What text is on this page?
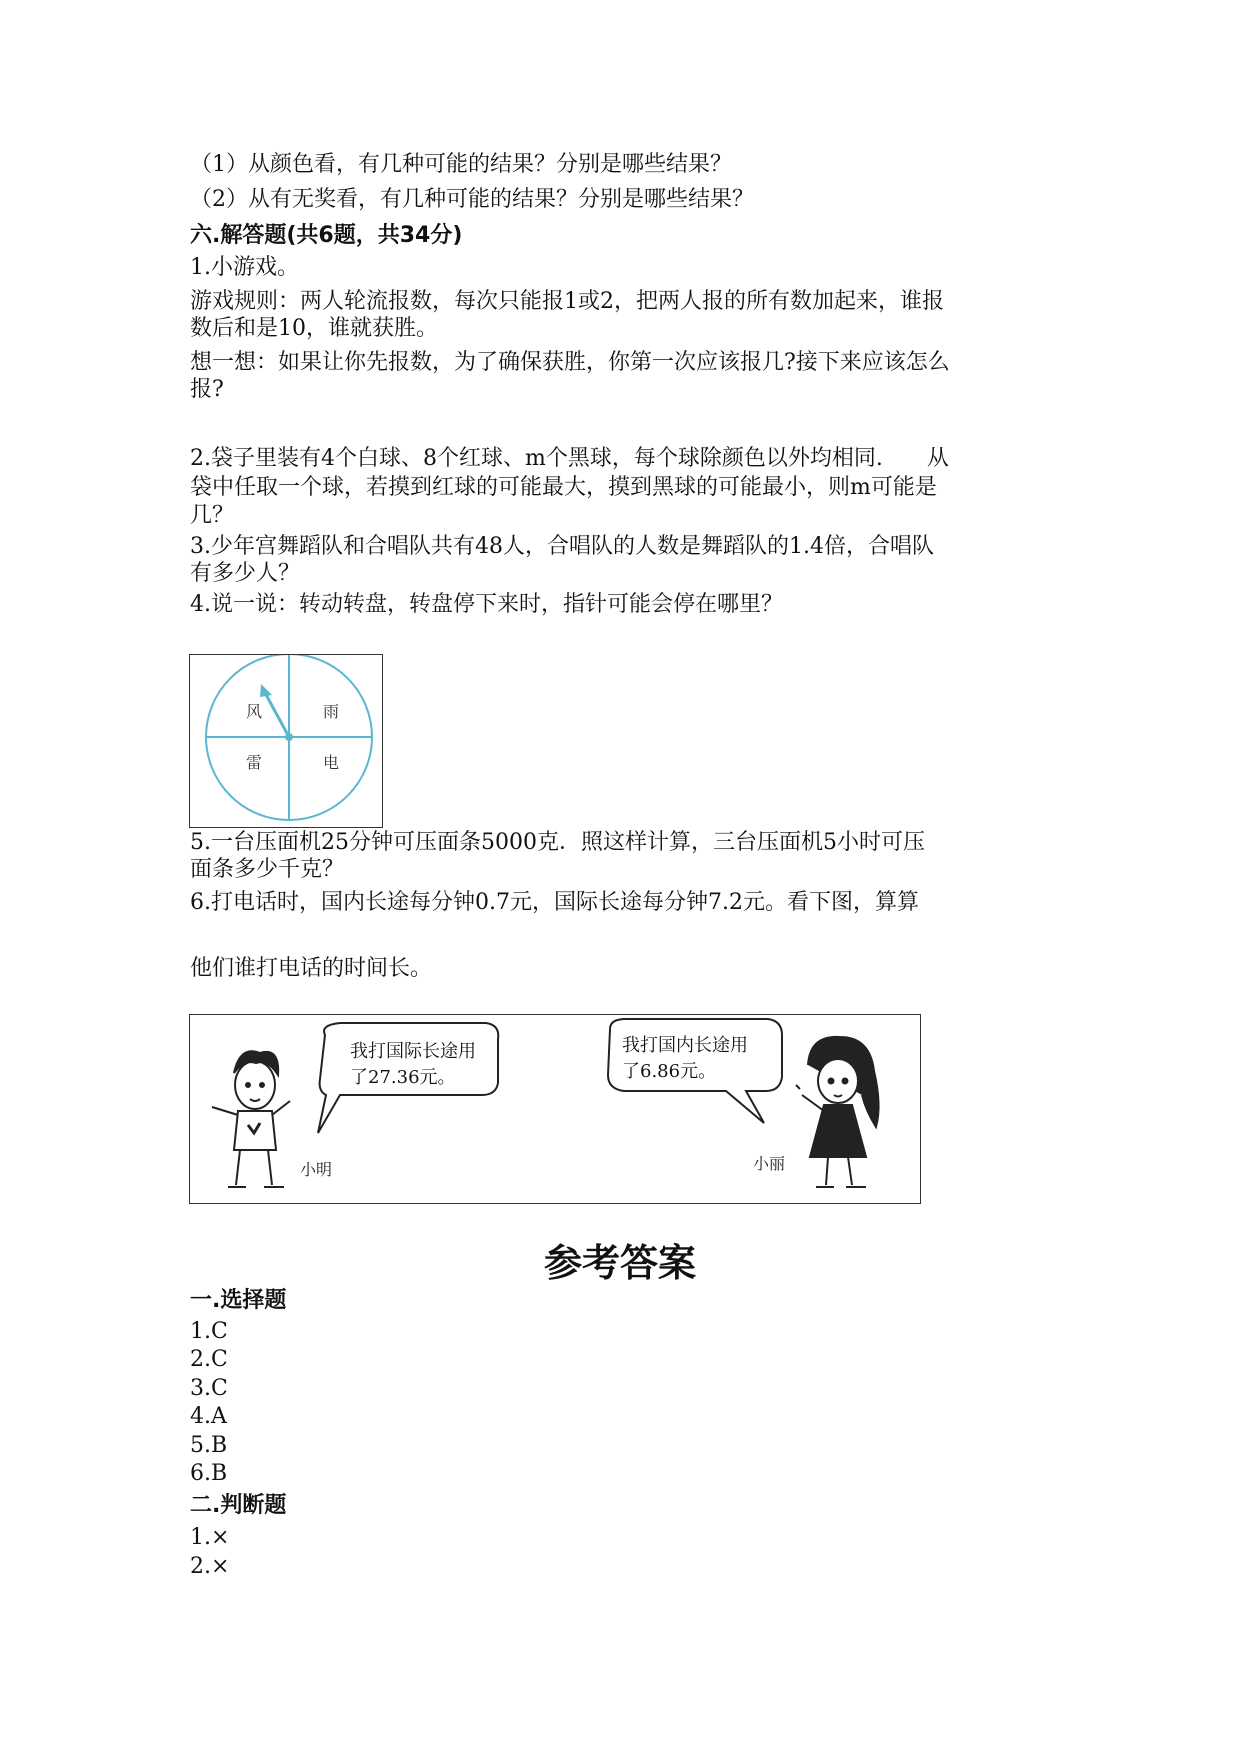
（1）从颜色看，有几种可能的结果？分别是哪些结果？
（2）从有无奖看，有几种可能的结果？分别是哪些结果？
六.解答题(共6题，共34分)
1.小游戏。
游戏规则：两人轮流报数，每次只能报1或2，把两人报的所有数加起来，谁报
数后和是10，谁就获胜。
想一想：如果让你先报数，为了确保获胜，你第一次应该报几?接下来应该怎么
报?
2.袋子里装有4个白球、8个红球、m个黑球，每个球除颜色以外均相同.　　从
袋中任取一个球，若摸到红球的可能最大，摸到黑球的可能最小，则m可能是
几？
3.少年宫舞蹈队和合唱队共有48人，合唱队的人数是舞蹈队的1.4倍，合唱队
有多少人？
4.说一说：转动转盘，转盘停下来时，指针可能会停在哪里？
风	雨
雷	电
5.一台压面机25分钟可压面条5000克．照这样计算，三台压面机5小时可压
面条多少千克？
6.打电话时，国内长途每分钟0.7元，国际长途每分钟7.2元。看下图，算算
他们谁打电话的时间长。
小明
我打国际长途用
了27.36元。
我打国内长途用
了6.86元。
小丽
参考答案
一.选择题
1.C
2.C
3.C
4.A
5.B
6.B
二.判断题
1.×
2.×
